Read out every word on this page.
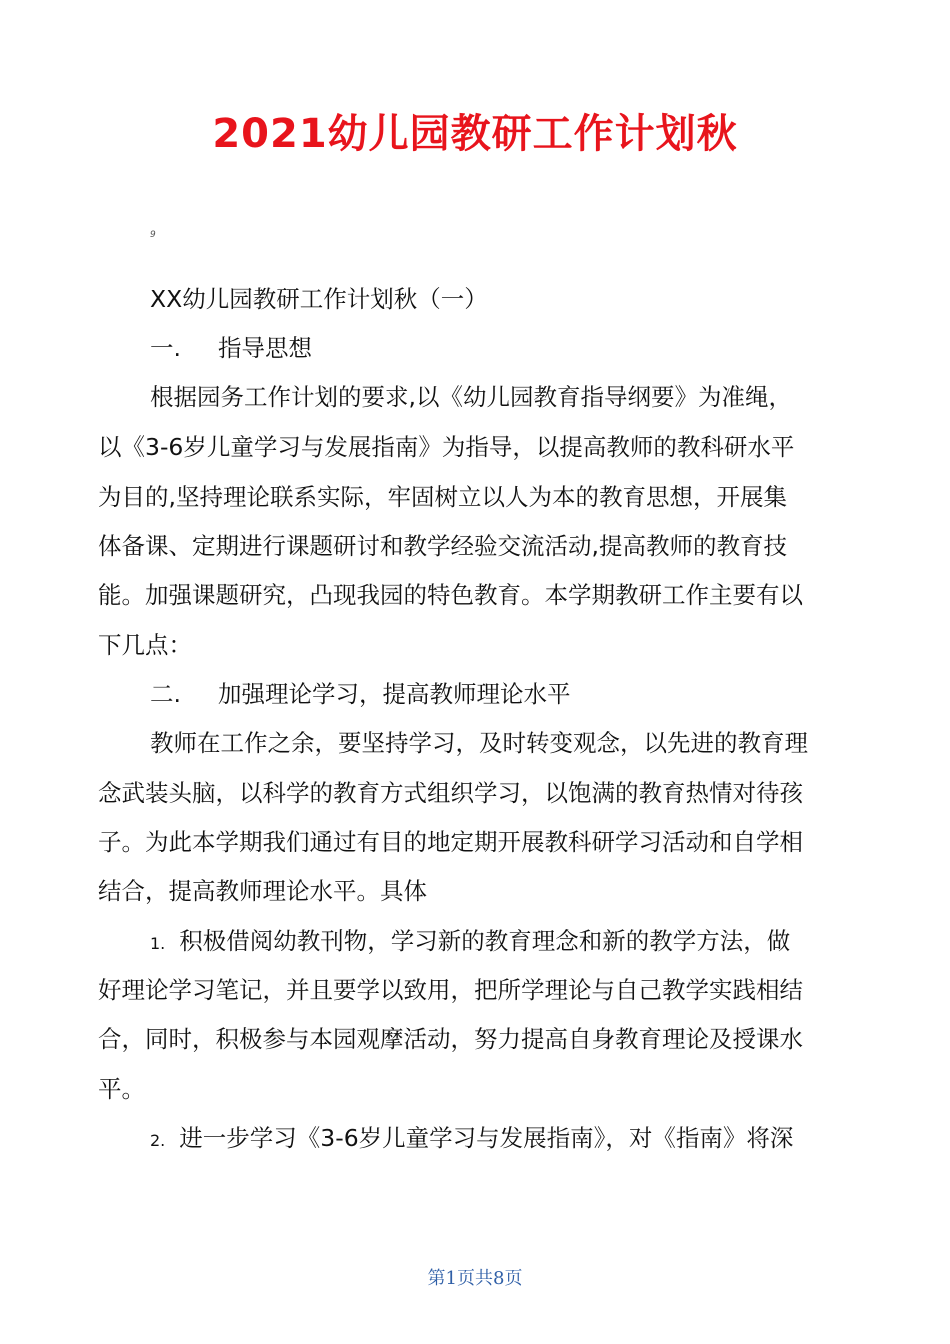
2021幼儿园教研工作计划秋
9
XX幼儿园教研工作计划秋（一）
一. 指导思想
根据园务工作计划的要求,以《幼儿园教育指导纲要》为准绳，
以《3-6岁儿童学习与发展指南》为指导，以提高教师的教科研水平
为目的,坚持理论联系实际，牢固树立以人为本的教育思想，开展集
体备课、定期进行课题研讨和教学经验交流活动,提高教师的教育技
能。加强课题研究，凸现我园的特色教育。本学期教研工作主要有以
下几点：
二. 加强理论学习，提高教师理论水平
教师在工作之余，要坚持学习，及时转变观念，以先进的教育理
念武装头脑，以科学的教育方式组织学习，以饱满的教育热情对待孩
子。为此本学期我们通过有目的地定期开展教科研学习活动和自学相
结合，提高教师理论水平。具体
1. 积极借阅幼教刊物，学习新的教育理念和新的教学方法，做
好理论学习笔记，并且要学以致用，把所学理论与自己教学实践相结
合，同时，积极参与本园观摩活动，努力提高自身教育理论及授课水
平。
2. 进一步学习《3-6岁儿童学习与发展指南》，对《指南》将深
第1页共8页
